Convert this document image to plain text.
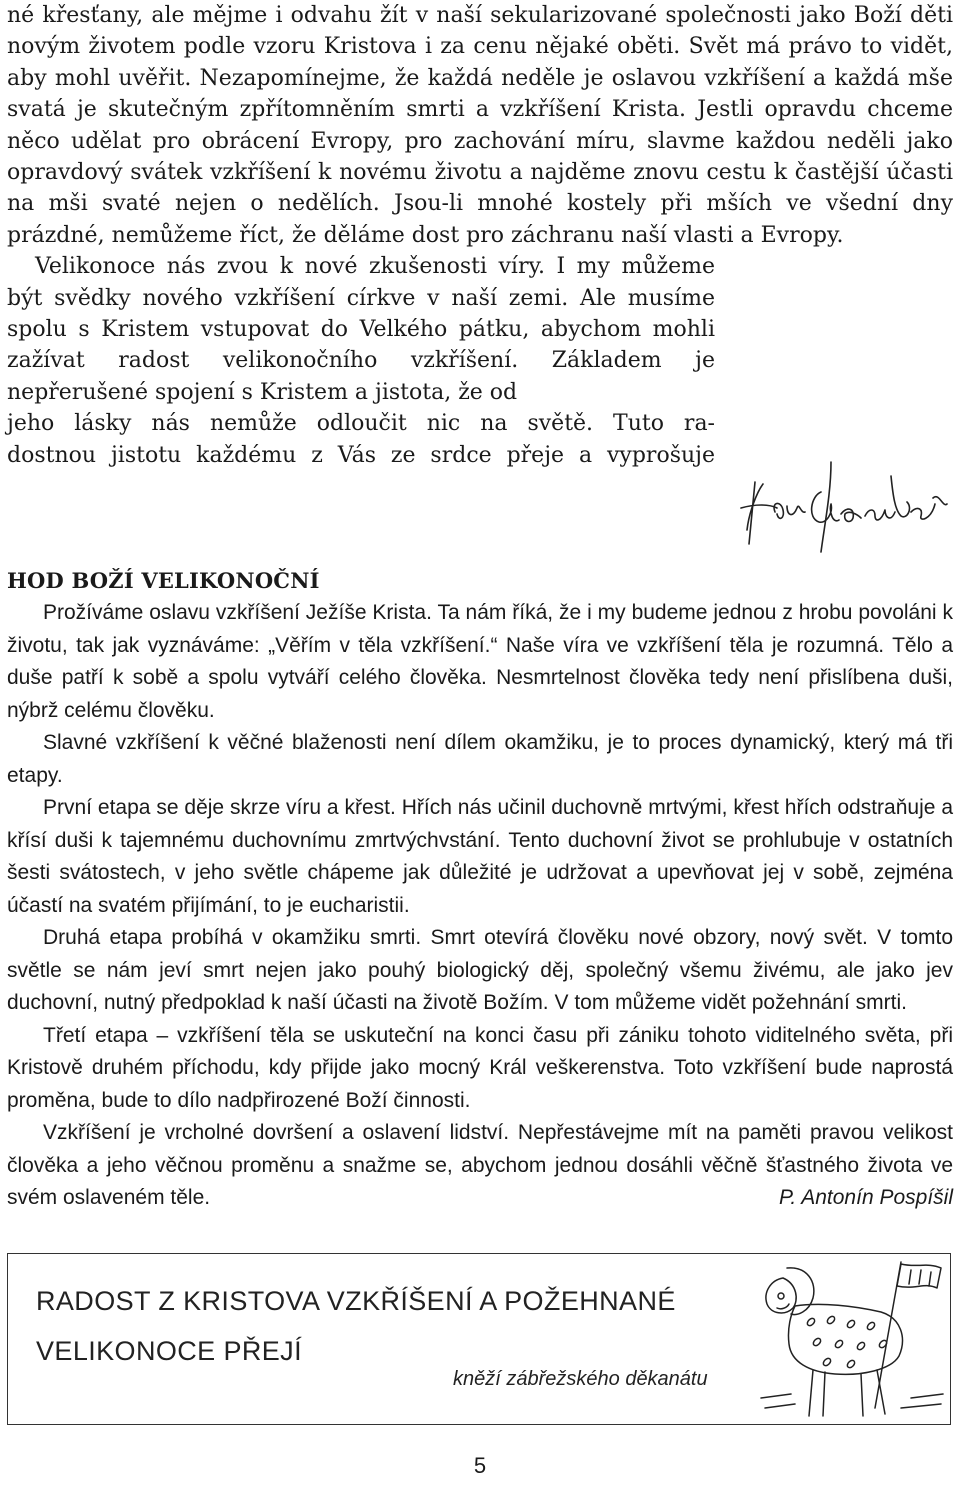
né křesťany, ale mějme i odvahu žít v naší sekularizované společnosti jako Boží děti novým životem podle vzoru Kristova i za cenu nějaké oběti. Svět má právo to vidět, aby mohl uvěřit. Nezapomínejme, že každá neděle je oslavou vzkříšení a každá mše svatá je skutečným zpřítomněním smrti a vzkříšení Krista. Jestli opravdu chceme něco udělat pro obrácení Evropy, pro zachování míru, slavme každou neděli jako opravdový svátek vzkříšení k novému životu a najděme znovu cestu k častější účasti na mši svaté nejen o nedělích. Jsou-li mnohé kostely při mších ve všední dny prázdné, nemůžeme říct, že děláme dost pro záchranu naší vlasti a Evropy.

Velikonoce nás zvou k nové zkušenosti víry. I my můžeme být svědky nového vzkříšení církve v naší zemi. Ale musíme spolu s Kristem vstupovat do Velkého pátku, abychom mohli zažívat radost velikonočního vzkříšení. Základem je nepřerušené spojení s Kristem a jistota, že od

jeho lásky nás nemůže odloučit nic na světě. Tuto ra-
dostnou jistotu každému z Vás ze srdce přeje a vyprošuje
HOD BOŽÍ VELIKONOČNÍ

Prožíváme oslavu vzkříšení Ježíše Krista. Ta nám říká, že i my budeme jednou z hrobu povoláni k životu, tak jak vyznáváme: „Věřím v těla vzkříšení.“ Naše víra ve vzkříšení těla je rozumná. Tělo a duše patří k sobě a spolu vytváří celého člověka. Nesmrtelnost člověka tedy není přislíbena duši, nýbrž celému člověku.

Slavné vzkříšení k věčné blaženosti není dílem okamžiku, je to proces dynamický, který má tři etapy.

První etapa se děje skrze víru a křest. Hřích nás učinil duchovně mrtvými, křest hřích odstraňuje a křísí duši k tajemnému duchovnímu zmrtvýchvstání. Tento duchovní život se prohlubuje v ostatních šesti svátostech, v jeho světle chápeme jak důležité je udržovat a upevňovat jej v sobě, zejména účastí na svatém přijímání, to je eucharistii.

Druhá etapa probíhá v okamžiku smrti. Smrt otevírá člověku nové obzory, nový svět. V tomto světle se nám jeví smrt nejen jako pouhý biologický děj, společný všemu živému, ale jako jev duchovní, nutný předpoklad k naší účasti na životě Božím. V tom můžeme vidět požehnání smrti.

Třetí etapa – vzkříšení těla se uskuteční na konci času při zániku tohoto viditelného světa, při Kristově druhém příchodu, kdy přijde jako mocný Král veškerenstva. Toto vzkříšení bude naprostá proměna, bude to dílo nadpřirozené Boží činnosti.

Vzkříšení je vrcholné dovršení a oslavení lidství. Nepřestávejme mít na paměti pravou velikost člověka a jeho věčnou proměnu a snažme se, abychom jednou dosáhli věčně šťastného života ve svém oslaveném těle.	P. Antonín Pospíšil

RADOST Z KRISTOVA VZKŘÍŠENÍ A POŽEHNANÉ
VELIKONOCE PŘEJÍ
kněží zábřežského děkanátu
5
